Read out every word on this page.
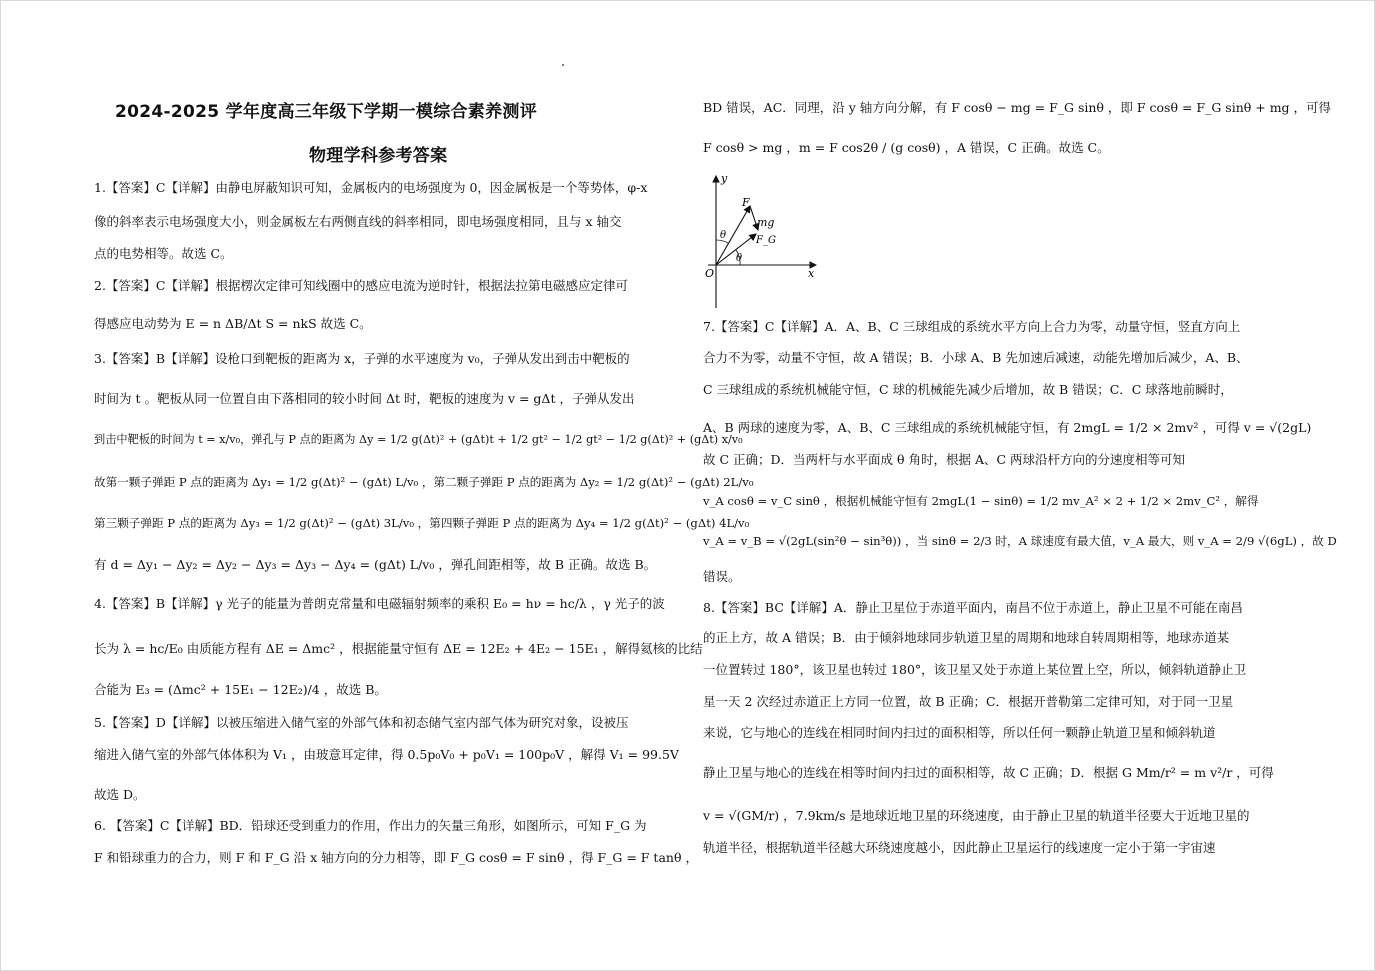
2024-2025 学年度高三年级下学期一模综合素养测评
物理学科参考答案
1.【答案】C【详解】由静电屏蔽知识可知，金属板内的电场强度为 0，因金属板是一个等势体，φ-x
像的斜率表示电场强度大小，则金属板左右两侧直线的斜率相同，即电场强度相同，且与 x 轴交
点的电势相等。故选 C。
2.【答案】C【详解】根据楞次定律可知线圈中的感应电流为逆时针，根据法拉第电磁感应定律可
得感应电动势为 E = n ΔB/Δt S = nkS 故选 C。
3.【答案】B【详解】设枪口到靶板的距离为 x，子弹的水平速度为 v₀，子弹从发出到击中靶板的
时间为 t 。靶板从同一位置自由下落相同的较小时间 Δt 时，靶板的速度为 v = gΔt ，子弹从发出
到击中靶板的时间为 t = x/v₀，弹孔与 P 点的距离为 Δy = 1/2 g(Δt)² + (gΔt)t + 1/2 gt² − 1/2 gt² − 1/2 g(Δt)² + (gΔt) x/v₀
故第一颗子弹距 P 点的距离为 Δy₁ = 1/2 g(Δt)² − (gΔt) L/v₀ ，第二颗子弹距 P 点的距离为 Δy₂ = 1/2 g(Δt)² − (gΔt) 2L/v₀
第三颗子弹距 P 点的距离为 Δy₃ = 1/2 g(Δt)² − (gΔt) 3L/v₀ ，第四颗子弹距 P 点的距离为 Δy₄ = 1/2 g(Δt)² − (gΔt) 4L/v₀
有 d = Δy₁ − Δy₂ = Δy₂ − Δy₃ = Δy₃ − Δy₄ = (gΔt) L/v₀ ，弹孔间距相等，故 B 正确。故选 B。
4.【答案】B【详解】γ 光子的能量为普朗克常量和电磁辐射频率的乘积 E₀ = hν = hc/λ ，γ 光子的波
长为 λ = hc/E₀ 由质能方程有 ΔE = Δmc² ，根据能量守恒有 ΔE = 12E₂ + 4E₂ − 15E₁ ，解得氦核的比结
合能为 E₃ = (Δmc² + 15E₁ − 12E₂)/4 ，故选 B。
5.【答案】D【详解】以被压缩进入储气室的外部气体和初态储气室内部气体为研究对象，设被压
缩进入储气室的外部气体体积为 V₁ ，由玻意耳定律，得 0.5p₀V₀ + p₀V₁ = 100p₀V ，解得 V₁ = 99.5V
故选 D。
6. 【答案】C【详解】BD．铅球还受到重力的作用，作出力的矢量三角形，如图所示，可知 F_G 为
F 和铅球重力的合力，则 F 和 F_G 沿 x 轴方向的分力相等，即 F_G cosθ = F sinθ ，得 F_G = F tanθ ，
BD 错误，AC．同理，沿 y 轴方向分解，有 F cosθ − mg = F_G sinθ ，即 F cosθ = F_G sinθ + mg ，可得
F cosθ > mg ，m = F cos2θ / (g cosθ) ，A 错误，C 正确。故选 C。
y
x
O
F
mg
F_G
θ
θ
7.【答案】C【详解】A．A、B、C 三球组成的系统水平方向上合力为零，动量守恒，竖直方向上
合力不为零，动量不守恒，故 A 错误；B．小球 A、B 先加速后减速，动能先增加后减少，A、B、
C 三球组成的系统机械能守恒，C 球的机械能先减少后增加，故 B 错误；C．C 球落地前瞬时，
A、B 两球的速度为零，A、B、C 三球组成的系统机械能守恒，有 2mgL = 1/2 × 2mv² ，可得 v = √(2gL)
故 C 正确；D．当两杆与水平面成 θ 角时，根据 A、C 两球沿杆方向的分速度相等可知
v_A cosθ = v_C sinθ ，根据机械能守恒有 2mgL(1 − sinθ) = 1/2 mv_A² × 2 + 1/2 × 2mv_C² ，解得
v_A = v_B = √(2gL(sin²θ − sin³θ)) ，当 sinθ = 2/3 时，A 球速度有最大值，v_A 最大，则 v_A = 2/9 √(6gL) ，故 D
错误。
8.【答案】BC【详解】A．静止卫星位于赤道平面内，南昌不位于赤道上，静止卫星不可能在南昌
的正上方，故 A 错误；B．由于倾斜地球同步轨道卫星的周期和地球自转周期相等，地球赤道某
一位置转过 180°，该卫星也转过 180°，该卫星又处于赤道上某位置上空，所以，倾斜轨道静止卫
星一天 2 次经过赤道正上方同一位置，故 B 正确；C．根据开普勒第二定律可知，对于同一卫星
来说，它与地心的连线在相同时间内扫过的面积相等，所以任何一颗静止轨道卫星和倾斜轨道
静止卫星与地心的连线在相等时间内扫过的面积相等，故 C 正确；D．根据 G Mm/r² = m v²/r ，可得
v = √(GM/r) ，7.9km/s 是地球近地卫星的环绕速度，由于静止卫星的轨道半径要大于近地卫星的
轨道半径，根据轨道半径越大环绕速度越小，因此静止卫星运行的线速度一定小于第一宇宙速
